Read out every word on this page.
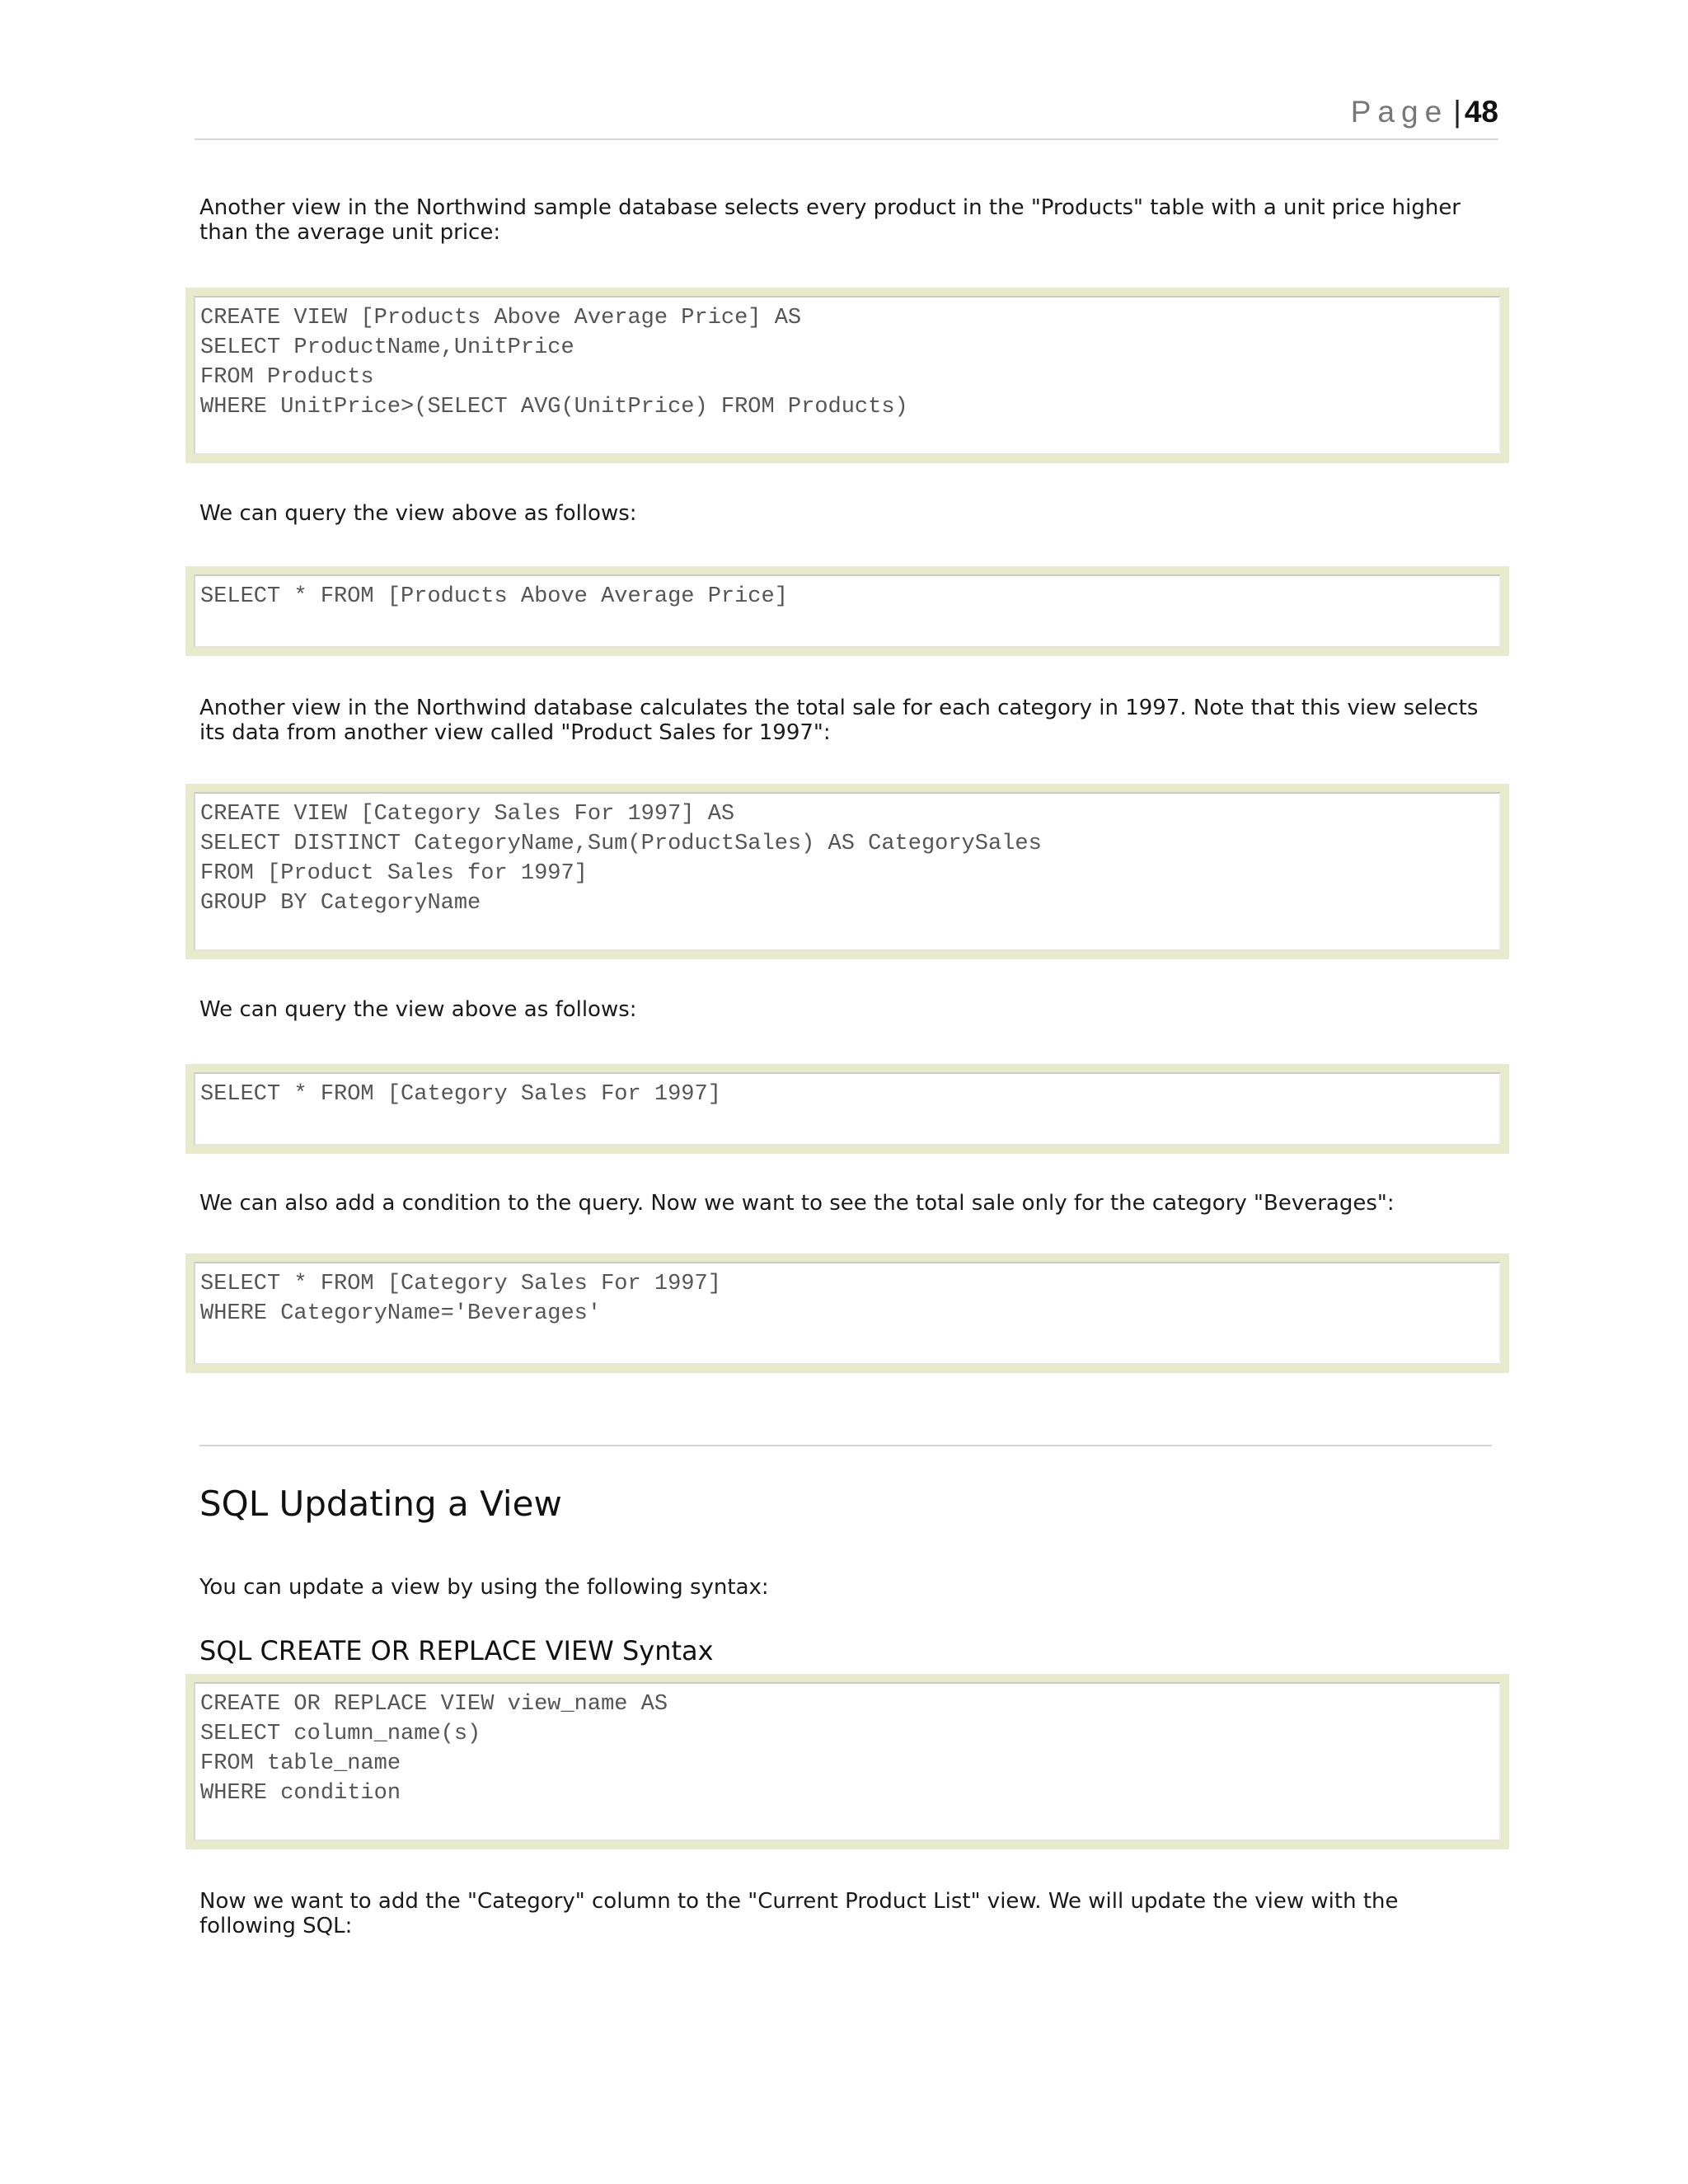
Page | 48

Another view in the Northwind sample database selects every product in the "Products" table with a unit price higher than the average unit price:

CREATE VIEW [Products Above Average Price] AS
SELECT ProductName,UnitPrice
FROM Products
WHERE UnitPrice>(SELECT AVG(UnitPrice) FROM Products)

We can query the view above as follows:

SELECT * FROM [Products Above Average Price]

Another view in the Northwind database calculates the total sale for each category in 1997. Note that this view selects its data from another view called "Product Sales for 1997":

CREATE VIEW [Category Sales For 1997] AS
SELECT DISTINCT CategoryName,Sum(ProductSales) AS CategorySales
FROM [Product Sales for 1997]
GROUP BY CategoryName

We can query the view above as follows:

SELECT * FROM [Category Sales For 1997]

We can also add a condition to the query. Now we want to see the total sale only for the category "Beverages":

SELECT * FROM [Category Sales For 1997]
WHERE CategoryName='Beverages'
SQL Updating a View

You can update a view by using the following syntax:

SQL CREATE OR REPLACE VIEW Syntax
CREATE OR REPLACE VIEW view_name AS
SELECT column_name(s)
FROM table_name
WHERE condition

Now we want to add the "Category" column to the "Current Product List" view. We will update the view with the following SQL:
